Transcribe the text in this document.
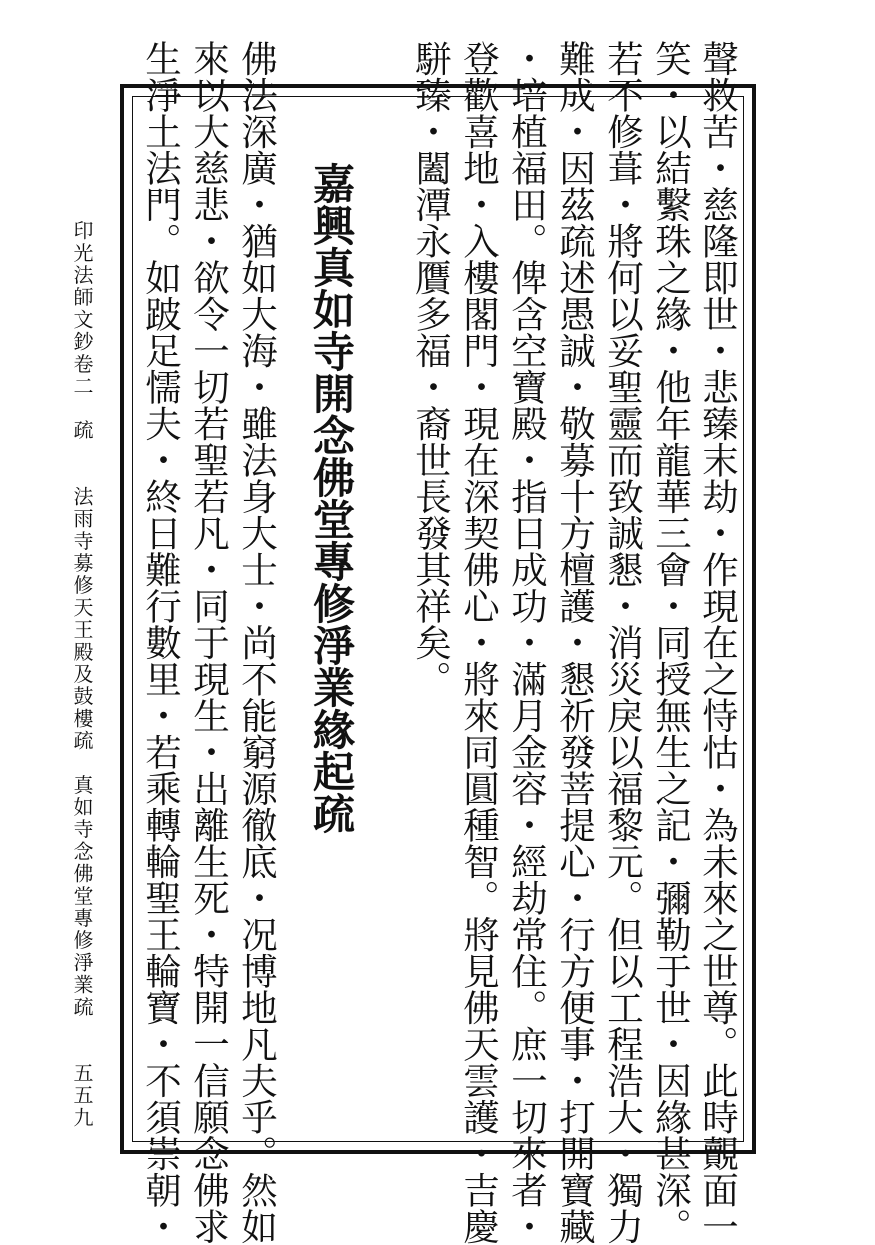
聲救苦・慈隆即世・悲臻末劫・作現在之恃怙・為未來之世尊。此時覿面一
笑・以結繫珠之緣・他年龍華三會・同授無生之記・彌勒于世・因緣甚深。
若不修葺・將何以妥聖靈而致誠懇・消災戾以福黎元。但以工程浩大・獨力
難成・因茲疏述愚誠・敬募十方檀護・懇祈發菩提心・行方便事・打開寶藏
・培植福田。俾含空寶殿・指日成功・滿月金容・經劫常住。庶一切來者・
登歡喜地・入樓閣門・現在深契佛心・將來同圓種智。將見佛天雲護・吉慶
駢臻・闔潭永贋多福・裔世長發其祥矣。
嘉興真如寺開念佛堂專修淨業緣起疏
佛法深廣・猶如大海・雖法身大士・尚不能窮源徹底・况博地凡夫乎。然如
來以大慈悲・欲令一切若聖若凡・同于現生・出離生死・特開一信願念佛求
生淨土法門。如跛足懦夫・終日難行數里・若乘轉輪聖王輪寶・不須崇朝・
印光法師文鈔卷二疏法雨寺募修天王殿及鼓樓疏真如寺念佛堂專修淨業疏五五九
